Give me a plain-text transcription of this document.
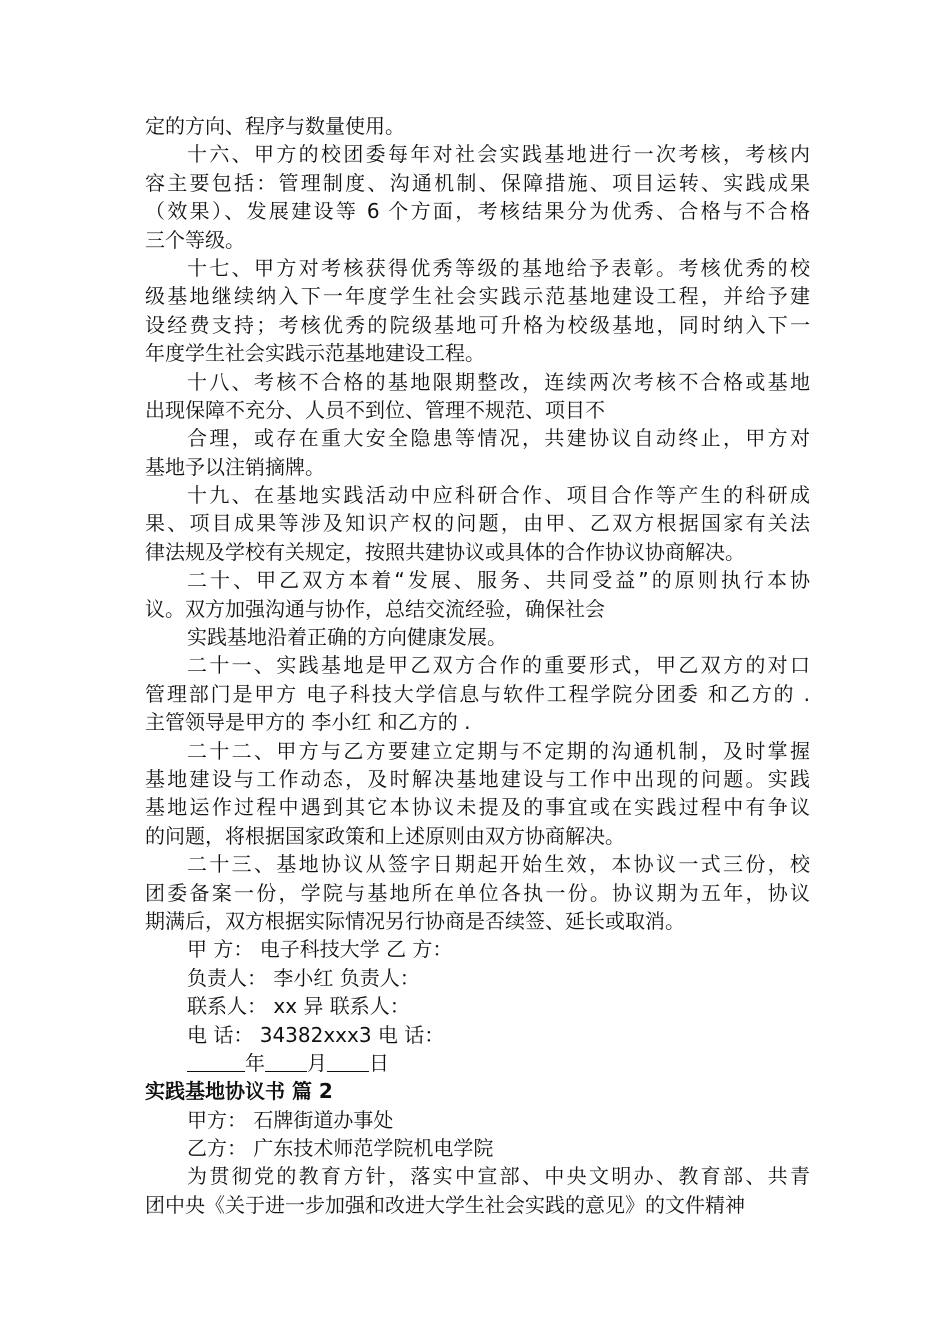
定的方向、程序与数量使用。
十六、甲方的校团委每年对社会实践基地进行一次考核，考核内
容主要包括：管理制度、沟通机制、保障措施、项目运转、实践成果
（效果）、发展建设等 6 个方面，考核结果分为优秀、合格与不合格
三个等级。
十七、甲方对考核获得优秀等级的基地给予表彰。考核优秀的校
级基地继续纳入下一年度学生社会实践示范基地建设工程，并给予建
设经费支持；考核优秀的院级基地可升格为校级基地，同时纳入下一
年度学生社会实践示范基地建设工程。
十八、考核不合格的基地限期整改，连续两次考核不合格或基地
出现保障不充分、人员不到位、管理不规范、项目不
合理，或存在重大安全隐患等情况，共建协议自动终止，甲方对
基地予以注销摘牌。
十九、在基地实践活动中应科研合作、项目合作等产生的科研成
果、项目成果等涉及知识产权的问题，由甲、乙双方根据国家有关法
律法规及学校有关规定，按照共建协议或具体的合作协议协商解决。
二十、甲乙双方本着“发展、服务、共同受益”的原则执行本协
议。双方加强沟通与协作，总结交流经验，确保社会
实践基地沿着正确的方向健康发展。
二十一、实践基地是甲乙双方合作的重要形式，甲乙双方的对口
管理部门是甲方 电子科技大学信息与软件工程学院分团委 和乙方的 .
主管领导是甲方的 李小红 和乙方的 .
二十二、甲方与乙方要建立定期与不定期的沟通机制，及时掌握
基地建设与工作动态，及时解决基地建设与工作中出现的问题。实践
基地运作过程中遇到其它本协议未提及的事宜或在实践过程中有争议
的问题，将根据国家政策和上述原则由双方协商解决。
二十三、基地协议从签字日期起开始生效，本协议一式三份，校
团委备案一份，学院与基地所在单位各执一份。协议期为五年，协议
期满后，双方根据实际情况另行协商是否续签、延长或取消。
甲 方： 电子科技大学 乙 方：
负责人： 李小红 负责人：
联系人： xx 异 联系人：
电 话： 34382xxx3 电 话：
年 月 日
实践基地协议书 篇 2
甲方： 石牌街道办事处
乙方： 广东技术师范学院机电学院
为贯彻党的教育方针，落实中宣部、中央文明办、教育部、共青
团中央《关于进一步加强和改进大学生社会实践的意见》的文件精神
